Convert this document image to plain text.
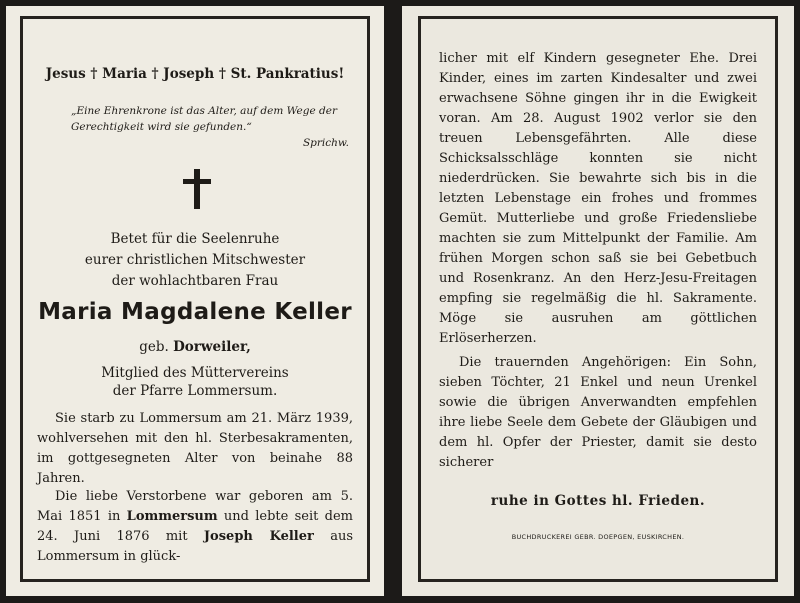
Jesus † Maria † Joseph † St. Pankratius!

„Eine Ehrenkrone ist das Alter, auf dem Wege der Gerechtigkeit wird sie gefunden.“

Sprichw.

Betet für die Seelenruhe
eurer christlichen Mitschwester
der wohlachtbaren Frau
Maria Magdalene Keller
geb. Dorweiler,
Mitglied des Müttervereins
der Pfarre Lommersum.

Sie starb zu Lommersum am 21. März 1939, wohlversehen mit den hl. Sterbesakramenten, im gottgesegneten Alter von beinahe 88 Jahren.

Die liebe Verstorbene war geboren am 5. Mai 1851 in Lommersum und lebte seit dem 24. Juni 1876 mit Joseph Keller aus Lommersum in glück-

licher mit elf Kindern gesegneter Ehe. Drei Kinder, eines im zarten Kindesalter und zwei erwachsene Söhne gingen ihr in die Ewigkeit voran. Am 28. August 1902 verlor sie den treuen Lebensgefährten. Alle diese Schicksalsschläge konnten sie nicht niederdrücken. Sie bewahrte sich bis in die letzten Lebenstage ein frohes und frommes Gemüt. Mutterliebe und große Friedensliebe machten sie zum Mittelpunkt der Familie. Am frühen Morgen schon saß sie bei Gebetbuch und Rosenkranz. An den Herz-Jesu-Freitagen empfing sie regelmäßig die hl. Sakramente. Möge sie ausruhen am göttlichen Erlöserherzen.

Die trauernden Angehörigen: Ein Sohn, sieben Töchter, 21 Enkel und neun Urenkel sowie die übrigen Anverwandten empfehlen ihre liebe Seele dem Gebete der Gläubigen und dem hl. Opfer der Priester, damit sie desto sicherer

ruhe in Gottes hl. Frieden.
BUCHDRUCKEREI GEBR. DOEPGEN, EUSKIRCHEN.
